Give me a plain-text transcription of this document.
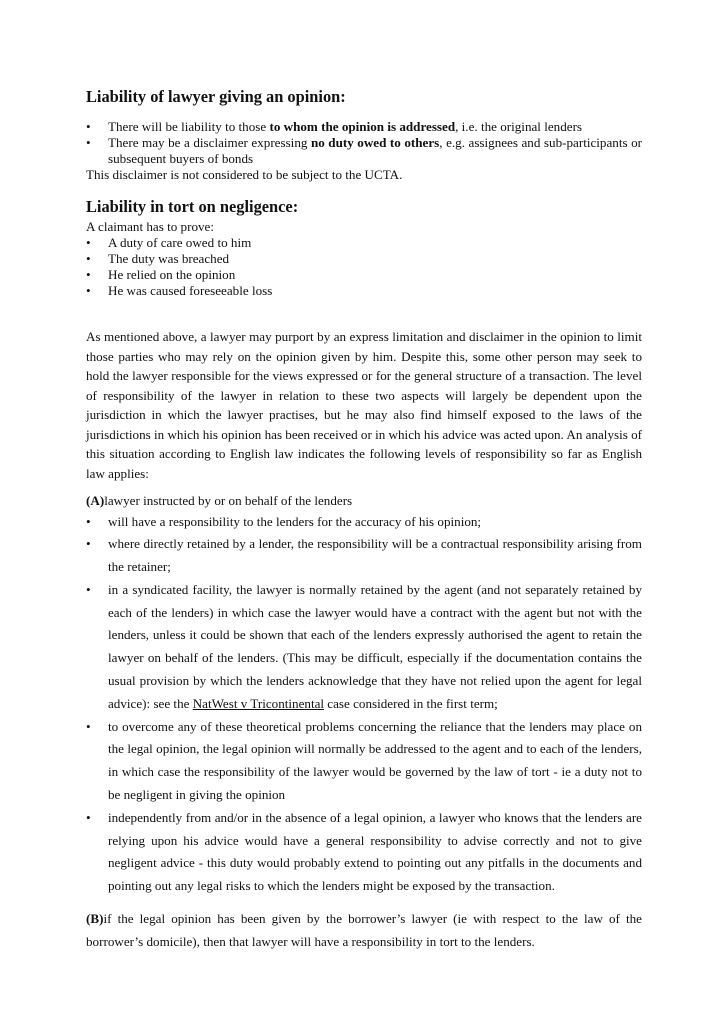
Liability of lawyer giving an opinion:
•	There will be liability to those to whom the opinion is addressed, i.e. the original lenders
•	There may be a disclaimer expressing no duty owed to others, e.g. assignees and sub-participants or subsequent buyers of bonds

This disclaimer is not considered to be subject to the UCTA.

Liability in tort on negligence:

A claimant has to prove:

•	A duty of care owed to him
•	The duty was breached
•	He relied on the opinion
•	He was caused foreseeable loss

As mentioned above, a lawyer may purport by an express limitation and disclaimer in the opinion to limit those parties who may rely on the opinion given by him. Despite this, some other person may seek to hold the lawyer responsible for the views expressed or for the general structure of a transaction. The level of responsibility of the lawyer in relation to these two aspects will largely be dependent upon the jurisdiction in which the lawyer practises, but he may also find himself exposed to the laws of the jurisdictions in which his opinion has been received or in which his advice was acted upon. An analysis of this situation according to English law indicates the following levels of responsibility so far as English law applies:

(A)lawyer instructed by or on behalf of the lenders

•	will have a responsibility to the lenders for the accuracy of his opinion;
•	where directly retained by a lender, the responsibility will be a contractual responsibility arising from the retainer;
•	in a syndicated facility, the lawyer is normally retained by the agent (and not separately retained by each of the lenders) in which case the lawyer would have a contract with the agent but not with the lenders, unless it could be shown that each of the lenders expressly authorised the agent to retain the lawyer on behalf of the lenders. (This may be difficult, especially if the documentation contains the usual provision by which the lenders acknowledge that they have not relied upon the agent for legal advice): see the NatWest v Tricontinental case considered in the first term;
•	to overcome any of these theoretical problems concerning the reliance that the lenders may place on the legal opinion, the legal opinion will normally be addressed to the agent and to each of the lenders, in which case the responsibility of the lawyer would be governed by the law of tort - ie a duty not to be negligent in giving the opinion
•	independently from and/or in the absence of a legal opinion, a lawyer who knows that the lenders are relying upon his advice would have a general responsibility to advise correctly and not to give negligent advice - this duty would probably extend to pointing out any pitfalls in the documents and pointing out any legal risks to which the lenders might be exposed by the transaction.

(B)if the legal opinion has been given by the borrower’s lawyer (ie with respect to the law of the borrower’s domicile), then that lawyer will have a responsibility in tort to the lenders.
